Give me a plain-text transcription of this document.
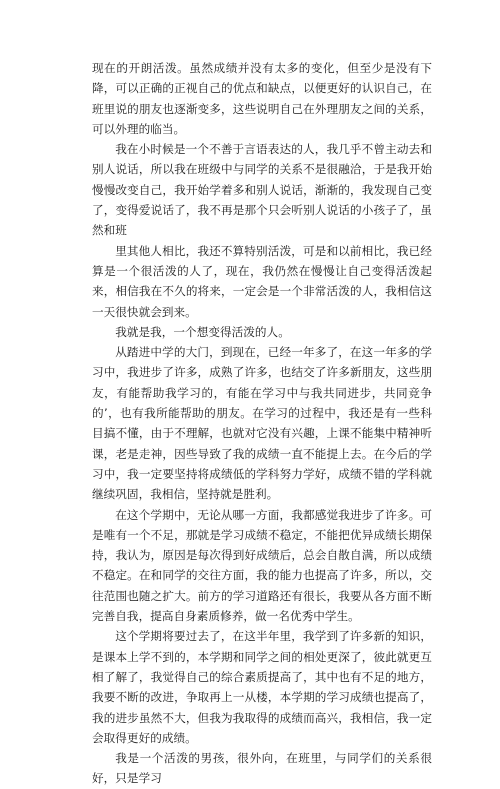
现在的开朗活泼。虽然成绩并没有太多的变化，但至少是没有下降，可以正确的正视自己的优点和缺点，以便更好的认识自己，在班里说的朋友也逐渐变多，这些说明自己在外理朋友之间的关系，可以外理的临当。

我在小时候是一个不善于言语表达的人，我几乎不曾主动去和别人说话，所以我在班级中与同学的关系不是很融洽，于是我开始慢慢改变自己，我开始学着多和别人说话，渐渐的，我发现自己变了，变得爱说话了，我不再是那个只会听别人说话的小孩子了，虽然和班

里其他人相比，我还不算特别活泼，可是和以前相比，我已经算是一个很活泼的人了，现在，我仍然在慢慢让自己变得活泼起来，相信我在不久的将来，一定会是一个非常活泼的人，我相信这一天很快就会到来。

我就是我，一个想变得活泼的人。

从踏进中学的大门，到现在，已经一年多了，在这一年多的学习中，我进步了许多，成熟了许多，也结交了许多新朋友，这些朋友，有能帮助我学习的，有能在学习中与我共同进步，共同竞争的’，也有我所能帮助的朋友。在学习的过程中，我还是有一些科目搞不懂，由于不理解，也就对它没有兴趣，上课不能集中精神听课，老是走神，因些导致了我的成绩一直不能提上去。在今后的学习中，我一定要坚持将成绩低的学科努力学好，成绩不错的学科就继续巩固，我相信，坚持就是胜利。

在这个学期中，无论从哪一方面，我都感觉我进步了许多。可是唯有一个不足，那就是学习成绩不稳定，不能把优异成绩长期保持，我认为，原因是每次得到好成绩后，总会自散自满，所以成绩不稳定。在和同学的交往方面，我的能力也提高了许多，所以，交往范围也随之扩大。前方的学习道路还有很长，我要从各方面不断完善自我，提高自身素质修养，做一名优秀中学生。

这个学期将要过去了，在这半年里，我学到了许多新的知识，是课本上学不到的，本学期和同学之间的相处更深了，彼此就更互相了解了，我觉得自己的综合素质提高了，其中也有不足的地方，我要不断的改进，争取再上一从楼，本学期的学习成绩也提高了，我的进步虽然不大，但我为我取得的成绩而高兴，我相信，我一定会取得更好的成绩。

我是一个活泼的男孩，很外向，在班里，与同学们的关系很好，只是学习
